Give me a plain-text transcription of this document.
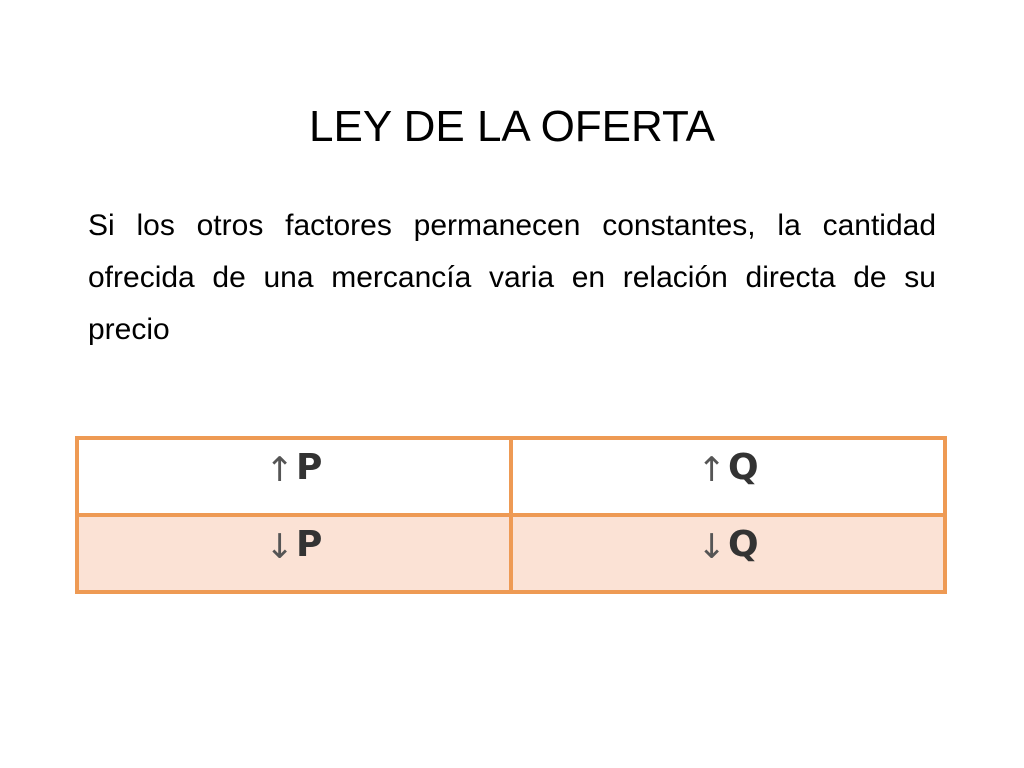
LEY DE LA OFERTA

Si los otros factores permanecen constantes, la cantidad ofrecida de una mercancía varia en relación directa de su precio

↑P	↑Q
↓P	↓Q
